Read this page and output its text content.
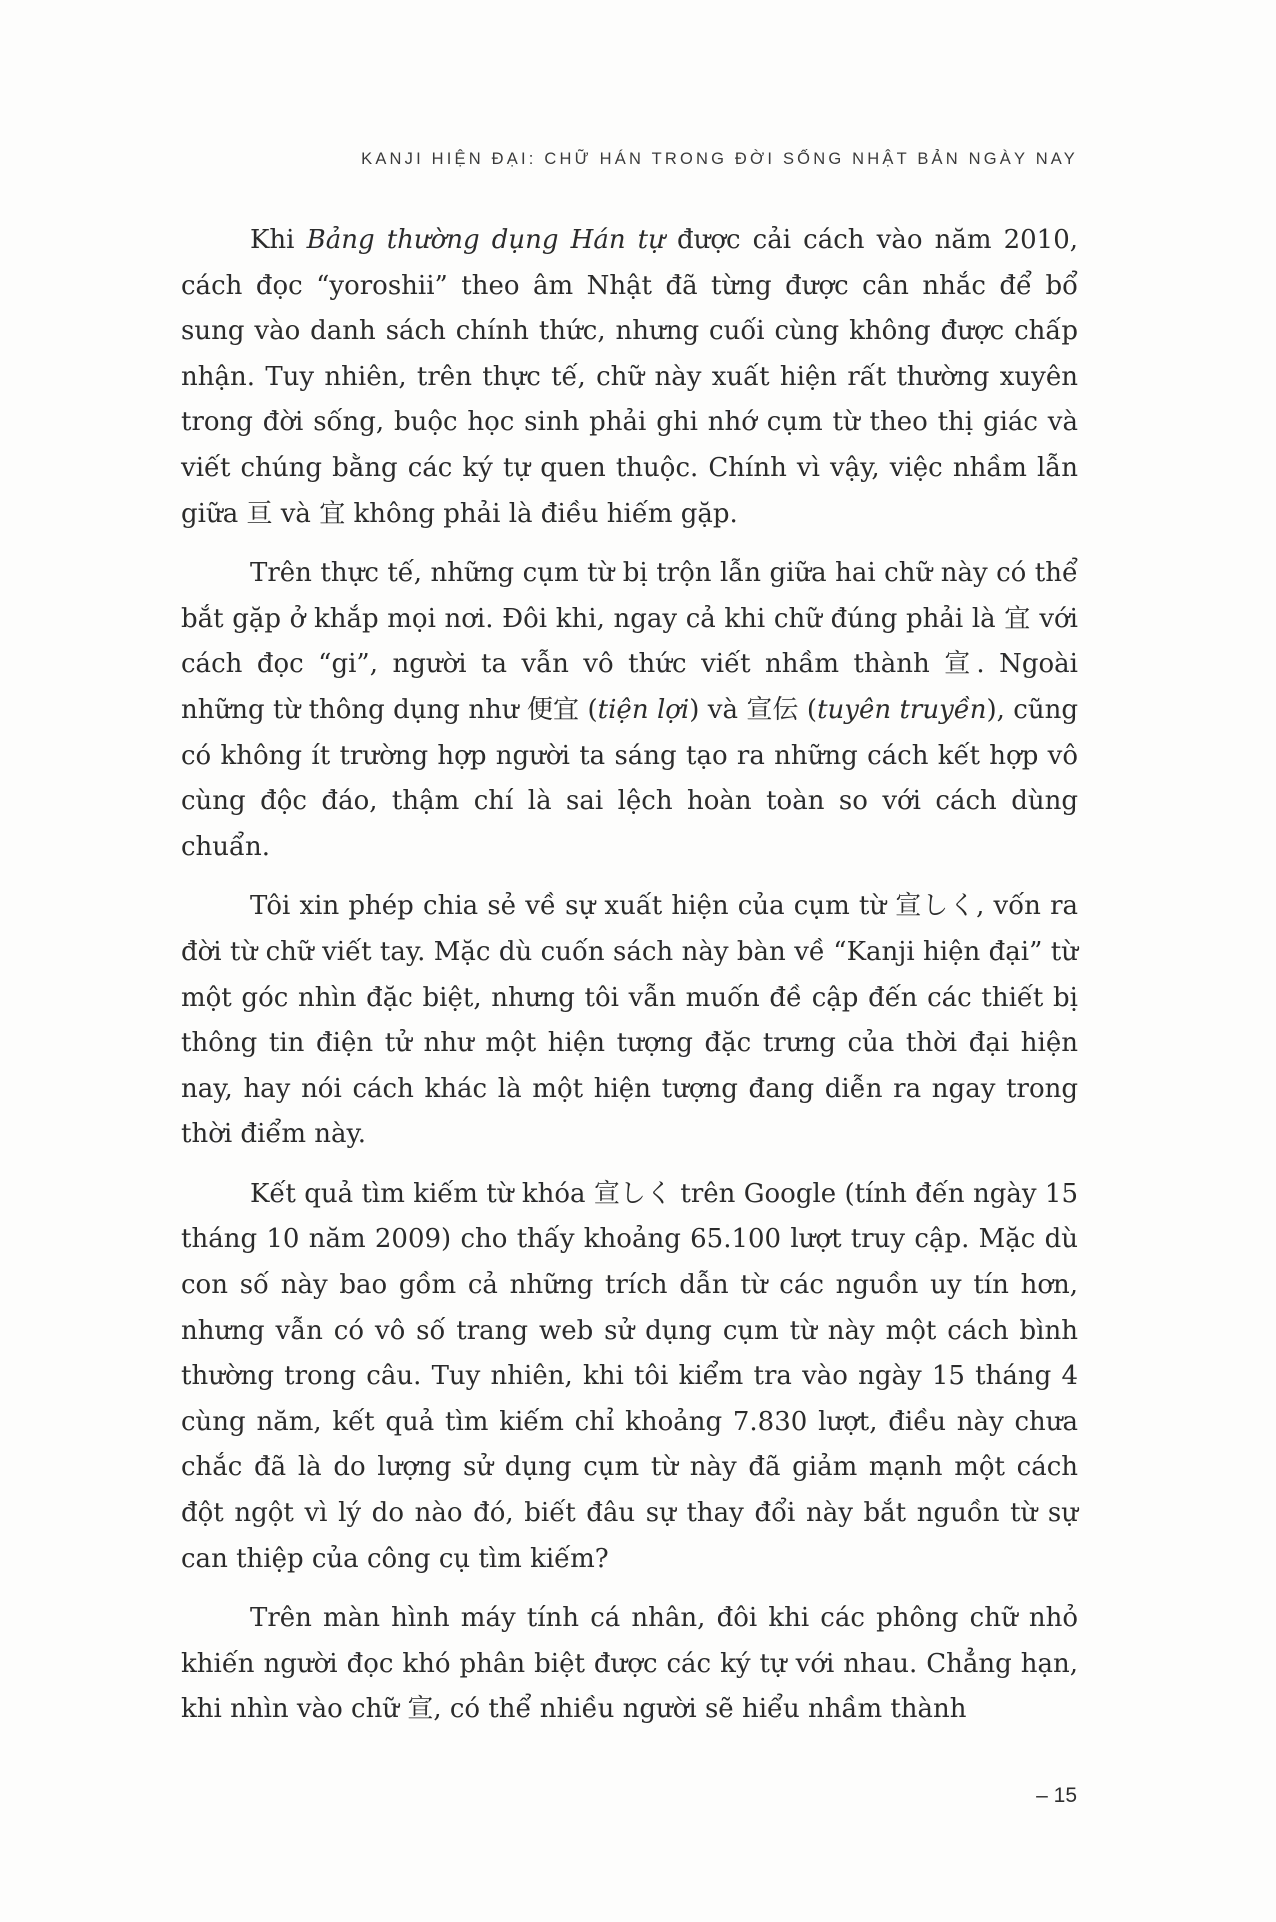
KANJI HIỆN ĐẠI: CHỮ HÁN TRONG ĐỜI SỐNG NHẬT BẢN NGÀY NAY

Khi Bảng thường dụng Hán tự được cải cách vào năm 2010, cách đọc “yoroshii” theo âm Nhật đã từng được cân nhắc để bổ sung vào danh sách chính thức, nhưng cuối cùng không được chấp nhận. Tuy nhiên, trên thực tế, chữ này xuất hiện rất thường xuyên trong đời sống, buộc học sinh phải ghi nhớ cụm từ theo thị giác và viết chúng bằng các ký tự quen thuộc. Chính vì vậy, việc nhầm lẫn giữa 亘 và 宜 không phải là điều hiếm gặp.

Trên thực tế, những cụm từ bị trộn lẫn giữa hai chữ này có thể bắt gặp ở khắp mọi nơi. Đôi khi, ngay cả khi chữ đúng phải là 宜 với cách đọc “gi”, người ta vẫn vô thức viết nhầm thành 宣. Ngoài những từ thông dụng như 便宜 (tiện lợi) và 宣伝 (tuyên truyền), cũng có không ít trường hợp người ta sáng tạo ra những cách kết hợp vô cùng độc đáo, thậm chí là sai lệch hoàn toàn so với cách dùng chuẩn.

Tôi xin phép chia sẻ về sự xuất hiện của cụm từ 宣しく, vốn ra đời từ chữ viết tay. Mặc dù cuốn sách này bàn về “Kanji hiện đại” từ một góc nhìn đặc biệt, nhưng tôi vẫn muốn đề cập đến các thiết bị thông tin điện tử như một hiện tượng đặc trưng của thời đại hiện nay, hay nói cách khác là một hiện tượng đang diễn ra ngay trong thời điểm này.

Kết quả tìm kiếm từ khóa 宣しく trên Google (tính đến ngày 15 tháng 10 năm 2009) cho thấy khoảng 65.100 lượt truy cập. Mặc dù con số này bao gồm cả những trích dẫn từ các nguồn uy tín hơn, nhưng vẫn có vô số trang web sử dụng cụm từ này một cách bình thường trong câu. Tuy nhiên, khi tôi kiểm tra vào ngày 15 tháng 4 cùng năm, kết quả tìm kiếm chỉ khoảng 7.830 lượt, điều này chưa chắc đã là do lượng sử dụng cụm từ này đã giảm mạnh một cách đột ngột vì lý do nào đó, biết đâu sự thay đổi này bắt nguồn từ sự can thiệp của công cụ tìm kiếm?

Trên màn hình máy tính cá nhân, đôi khi các phông chữ nhỏ khiến người đọc khó phân biệt được các ký tự với nhau. Chẳng hạn, khi nhìn vào chữ 宣, có thể nhiều người sẽ hiểu nhầm thành

– 15
